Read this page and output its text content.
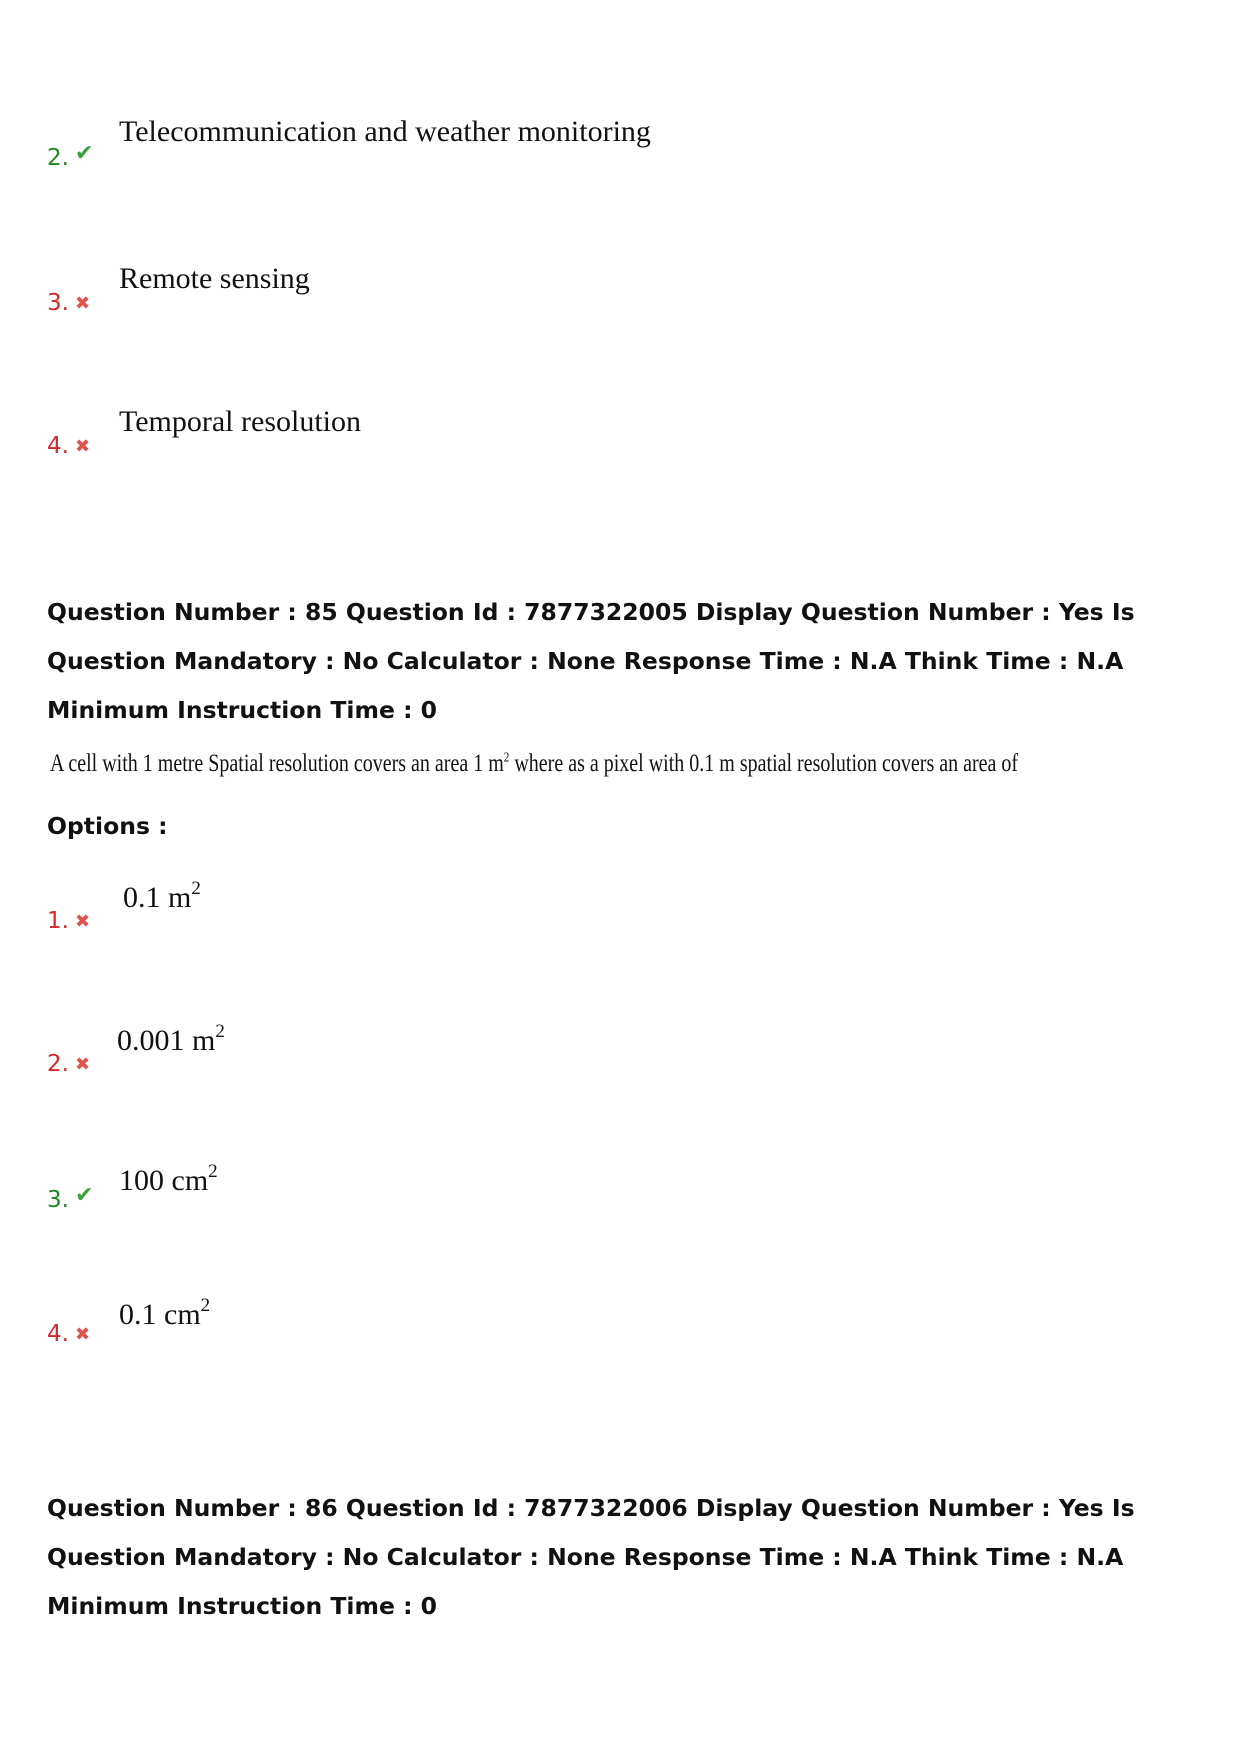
2. ✔
Telecommunication and weather monitoring
3. ✖
Remote sensing
4. ✖
Temporal resolution
Question Number : 85 Question Id : 7877322005 Display Question Number : Yes Is Question Mandatory : No Calculator : None Response Time : N.A Think Time : N.A Minimum Instruction Time : 0
A cell with 1 metre Spatial resolution covers an area 1 $m^2$ where as a pixel with 0.1 m spatial resolution covers an area of
Options :
1. ✖
0.1 $m^2$
2. ✖
0.001 $m^2$
3. ✔ 100 $cm^2$
4. ✖
0.1 $cm^2$
Question Number : 86 Question Id : 7877322006 Display Question Number : Yes Is Question Mandatory : No Calculator : None Response Time : N.A Think Time : N.A Minimum Instruction Time : 0
